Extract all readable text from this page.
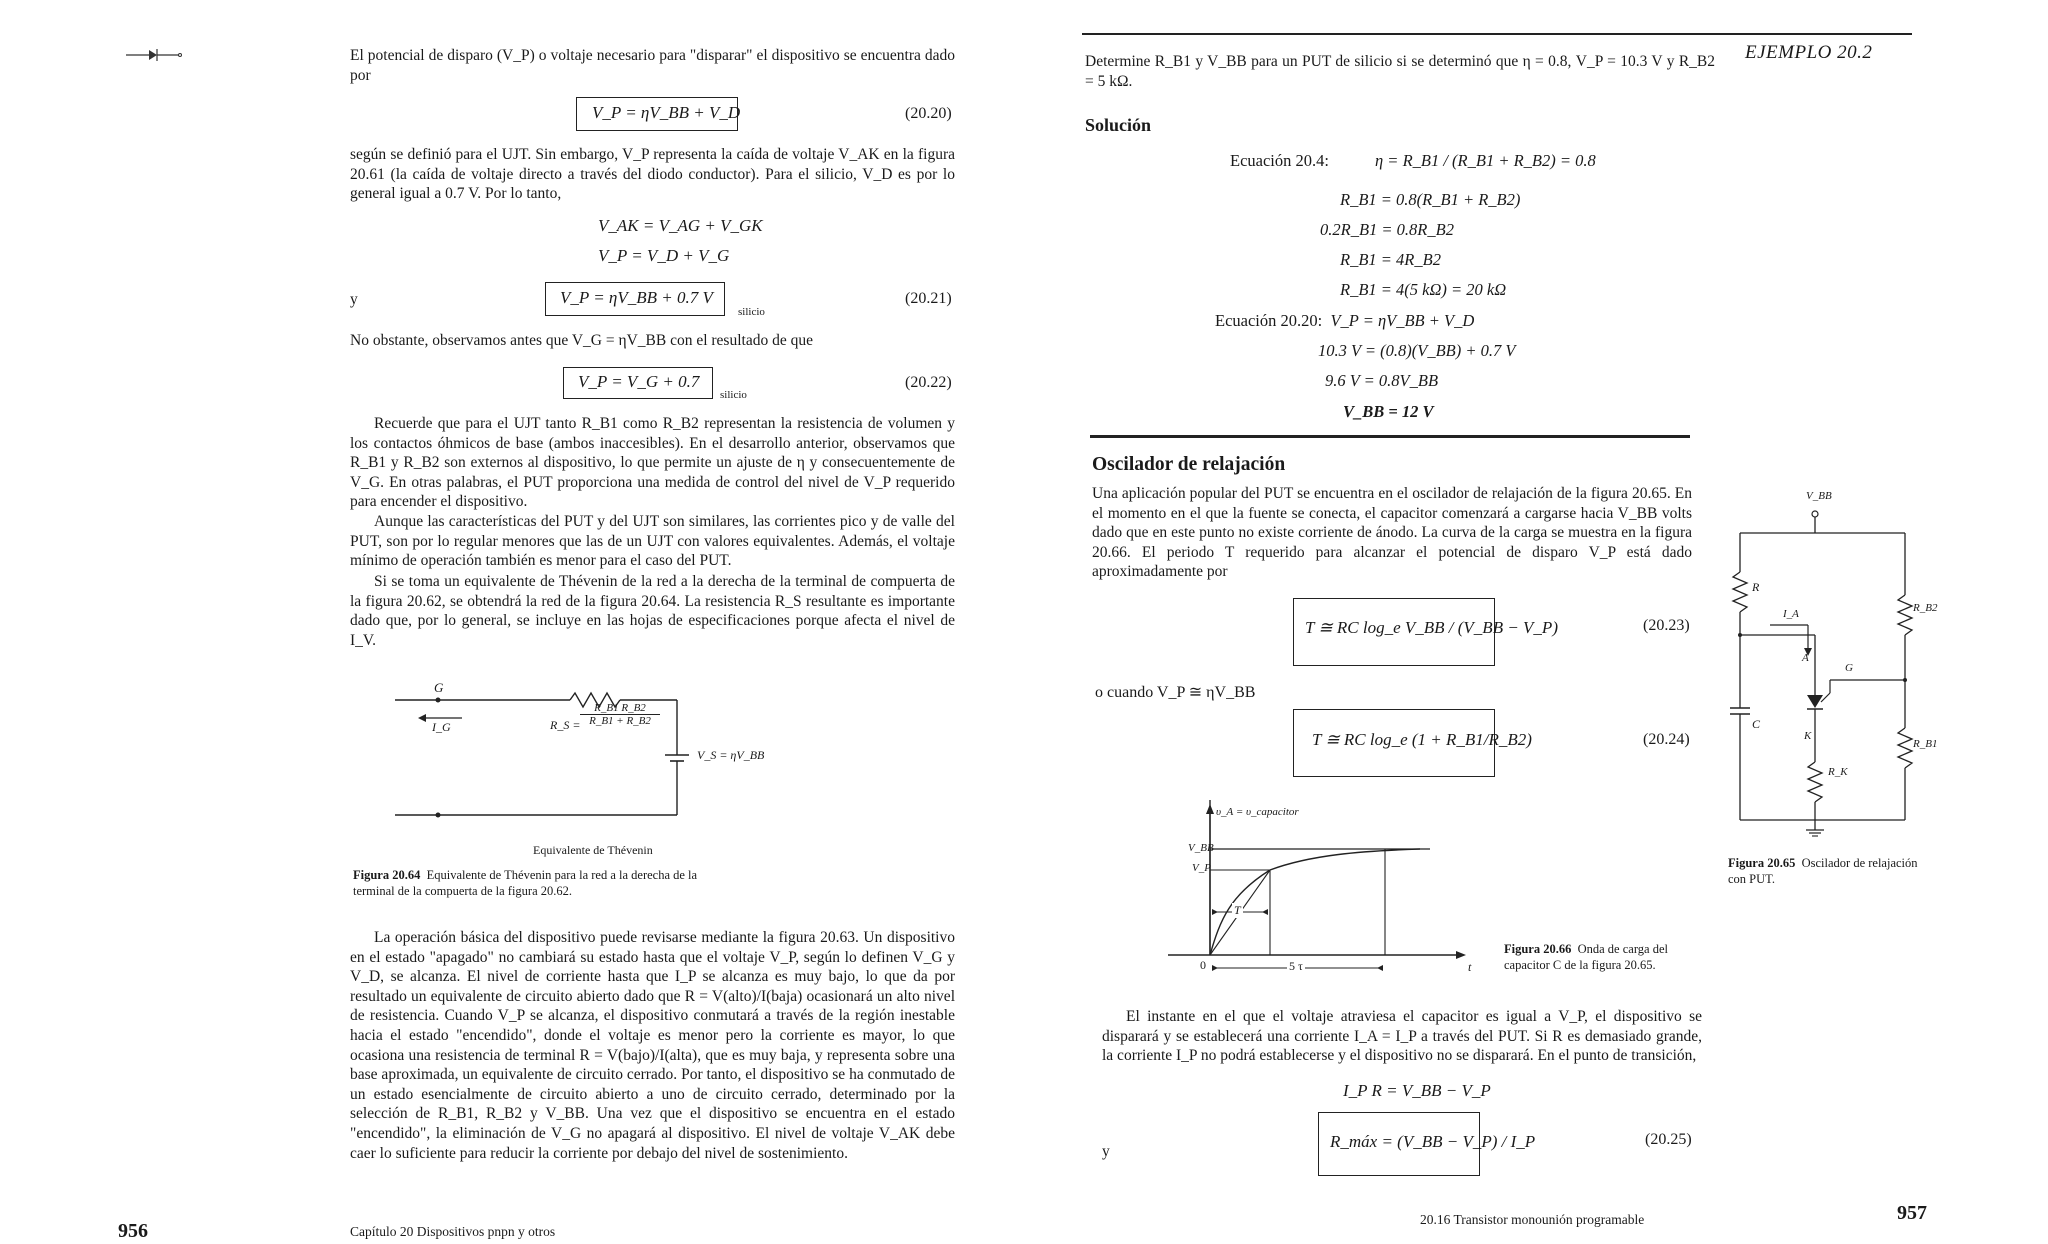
El potencial de disparo (V_P) o voltaje necesario para "disparar" el dispositivo se encuentra dado por

V_P = ηV_BB + V_D	(20.20)

según se definió para el UJT. Sin embargo, V_P representa la caída de voltaje V_AK en la figura 20.61 (la caída de voltaje directo a través del diodo conductor). Para el silicio, V_D es por lo general igual a 0.7 V. Por lo tanto,

V_AK = V_AG + V_GK
V_P = V_D + V_G
y	V_P = ηV_BB + 0.7 V
silicio
(20.21)

No obstante, observamos antes que V_G = ηV_BB con el resultado de que

V_P = V_G + 0.7
silicio
(20.22)

Recuerde que para el UJT tanto R_B1 como R_B2 representan la resistencia de volumen y los contactos óhmicos de base (ambos inaccesibles). En el desarrollo anterior, observamos que R_B1 y R_B2 son externos al dispositivo, lo que permite un ajuste de η y consecuentemente de V_G. En otras palabras, el PUT proporciona una medida de control del nivel de V_P requerido para encender el dispositivo.

Aunque las características del PUT y del UJT son similares, las corrientes pico y de valle del PUT, son por lo regular menores que las de un UJT con valores equivalentes. Además, el voltaje mínimo de operación también es menor para el caso del PUT.

Si se toma un equivalente de Thévenin de la red a la derecha de la terminal de compuerta de la figura 20.62, se obtendrá la red de la figura 20.64. La resistencia R_S resultante es importante dado que, por lo general, se incluye en las hojas de especificaciones porque afecta el nivel de I_V.

G
I_G	R_S = $\frac{R\_B1 R\_B2}{R\_B1 + R\_B2}$
V_S = ηV_BB
Equivalente de Thévenin
Figura 20.64 Equivalente de Thévenin para la red a la derecha de la terminal de la compuerta de la figura 20.62.

La operación básica del dispositivo puede revisarse mediante la figura 20.63. Un dispositivo en el estado "apagado" no cambiará su estado hasta que el voltaje V_P, según lo definen V_G y V_D, se alcanza. El nivel de corriente hasta que I_P se alcanza es muy bajo, lo que da por resultado un equivalente de circuito abierto dado que R = V(alto)/I(baja) ocasionará un alto nivel de resistencia. Cuando V_P se alcanza, el dispositivo conmutará a través de la región inestable hacia el estado "encendido", donde el voltaje es menor pero la corriente es mayor, lo que ocasiona una resistencia de terminal R = V(bajo)/I(alta), que es muy baja, y representa sobre una base aproximada, un equivalente de circuito cerrado. Por tanto, el dispositivo se ha conmutado de un estado esencialmente de circuito abierto a uno de circuito cerrado, determinado por la selección de R_B1, R_B2 y V_BB. Una vez que el dispositivo se encuentra en el estado "encendido", la eliminación de V_G no apagará al dispositivo. El nivel de voltaje V_AK debe caer lo suficiente para reducir la corriente por debajo del nivel de sostenimiento.

956	Capítulo 20 Dispositivos pnpn y otros
EJEMPLO 20.2

Determine R_B1 y V_BB para un PUT de silicio si se determinó que η = 0.8, V_P = 10.3 V y R_B2 = 5 kΩ.

Solución
Ecuación 20.4:	η = R_B1 / (R_B1 + R_B2) = 0.8
R_B1 = 0.8(R_B1 + R_B2)
0.2R_B1 = 0.8R_B2
R_B1 = 4R_B2
R_B1 = 4(5 kΩ) = 20 kΩ
Ecuación 20.20: V_P = ηV_BB + V_D
10.3 V = (0.8)(V_BB) + 0.7 V
9.6 V = 0.8V_BB
V_BB = 12 V
Oscilador de relajación

Una aplicación popular del PUT se encuentra en el oscilador de relajación de la figura 20.65. En el momento en el que la fuente se conecta, el capacitor comenzará a cargarse hacia V_BB volts dado que en este punto no existe corriente de ánodo. La curva de la carga se muestra en la figura 20.66. El periodo T requerido para alcanzar el potencial de disparo V_P está dado aproximadamente por

T ≅ RC log_e V_BB / (V_BB − V_P)	(20.23)
o cuando V_P ≅ ηV_BB
T ≅ RC log_e (1 + R_B1/R_B2)	(20.24)
υ_A = υ_capacitor
V_BB
V_P
T
5 τ
0	t
Figura 20.66 Onda de carga del capacitor C de la figura 20.65.
V_BB
R
R_B2
R_B1
I_A
A
G
K
C
R_K
Figura 20.65 Oscilador de relajación con PUT.

El instante en el que el voltaje atraviesa el capacitor es igual a V_P, el dispositivo se disparará y se establecerá una corriente I_A = I_P a través del PUT. Si R es demasiado grande, la corriente I_P no podrá establecerse y el dispositivo no se disparará. En el punto de transición,

I_P R = V_BB − V_P
y
R_máx = (V_BB − V_P) / I_P	(20.25)
20.16 Transistor monounión programable	957
